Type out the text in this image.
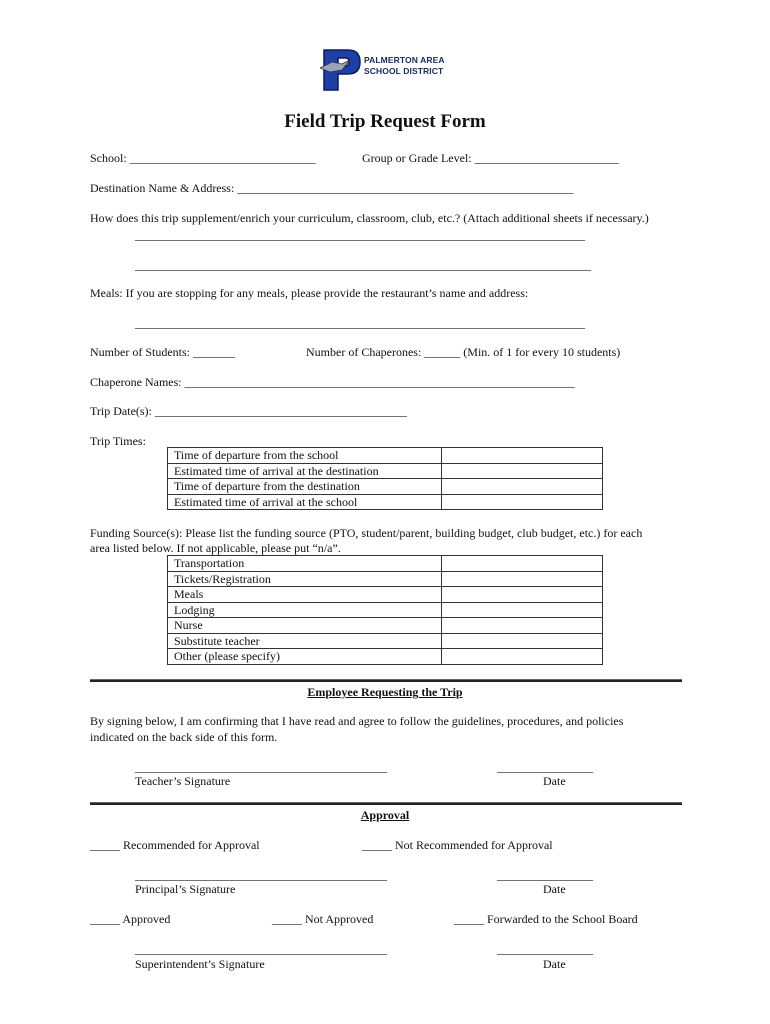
PALMERTON AREA
SCHOOL DISTRICT
Field Trip Request Form
School: _______________________________	Group or Grade Level: ________________________
Destination Name & Address: ________________________________________________________
How does this trip supplement/enrich your curriculum, classroom, club, etc.? (Attach additional sheets if necessary.)
___________________________________________________________________________
____________________________________________________________________________
Meals: If you are stopping for any meals, please provide the restaurant’s name and address:
___________________________________________________________________________
Number of Students: _______	Number of Chaperones: ______ (Min. of 1 for every 10 students)
Chaperone Names: _________________________________________________________________
Trip Date(s): __________________________________________
Trip Times:
Time of departure from the school	
Estimated time of arrival at the destination	
Time of departure from the destination	
Estimated time of arrival at the school	
Funding Source(s): Please list the funding source (PTO, student/parent, building budget, club budget, etc.) for each
area listed below. If not applicable, please put “n/a”.
Transportation	
Tickets/Registration	
Meals	
Lodging	
Nurse	
Substitute teacher	
Other (please specify)	
Employee Requesting the Trip
By signing below, I am confirming that I have read and agree to follow the guidelines, procedures, and policies
indicated on the back side of this form.
__________________________________________	________________
Teacher’s Signature	Date
Approval
_____ Recommended for Approval	_____ Not Recommended for Approval
__________________________________________	________________
Principal’s Signature	Date
_____ Approved	_____ Not Approved	_____ Forwarded to the School Board
__________________________________________	________________
Superintendent’s Signature	Date
